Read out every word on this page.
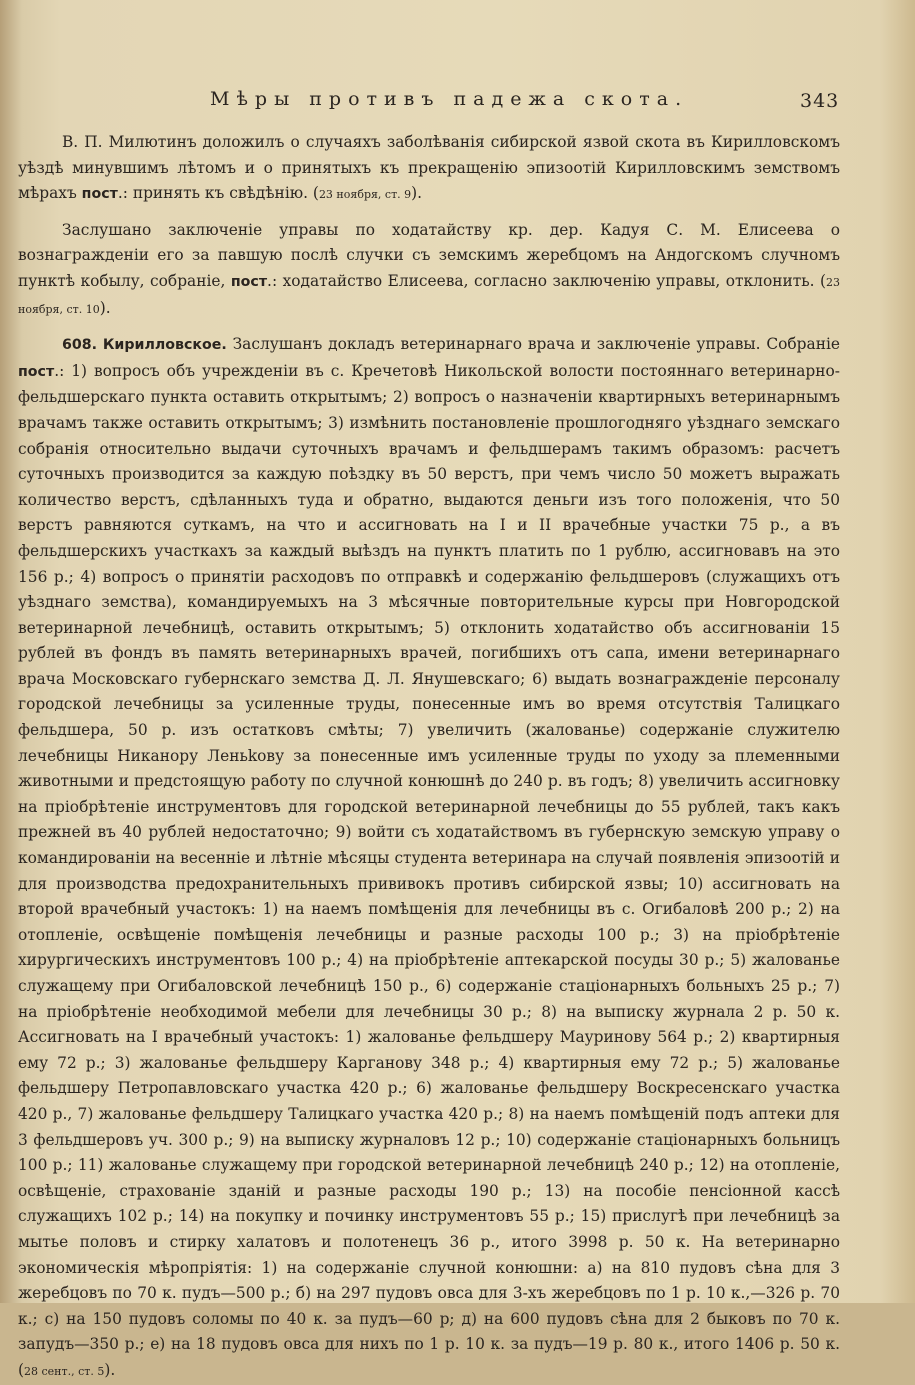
Мѣры противъ падежа скота.	343

В. П. Милютинъ доложилъ о случаяхъ заболѣванія сибирской язвой скота въ Кирилловскомъ уѣздѣ минувшимъ лѣтомъ и о принятыхъ къ прекращенію эпизоотій Кирилловскимъ земствомъ мѣрахъ пост.: принять къ свѣдѣнію. (23 ноября, ст. 9).

Заслушано заключеніе управы по ходатайству кр. дер. Кадуя С. М. Елисеева о вознагражденіи его за павшую послѣ случки съ земскимъ жеребцомъ на Андогскомъ случномъ пунктѣ кобылу, собраніе, пост.: ходатайство Елисеева, согласно заключенію управы, отклонить. (23 ноября, ст. 10).

608. Кирилловское. Заслушанъ докладъ ветеринарнаго врача и заключеніе управы. Собраніе пост.: 1) вопросъ объ учрежденіи въ с. Кречетовѣ Никольской волости постояннаго ветеринарно-фельдшерскаго пункта оставить открытымъ; 2) вопросъ о назначеніи квартирныхъ ветеринарнымъ врачамъ также оставить открытымъ; 3) измѣнить постановленіе прошлогодняго уѣзднаго земскаго собранія относительно выдачи суточныхъ врачамъ и фельдшерамъ такимъ образомъ: расчетъ суточныхъ производится за каждую поѣздку въ 50 верстъ, при чемъ число 50 можетъ выражать количество верстъ, сдѣланныхъ туда и обратно, выдаются деньги изъ того положенія, что 50 верстъ равняются суткамъ, на что и ассигновать на I и II врачебные участки 75 р., а въ фельдшерскихъ участкахъ за каждый выѣздъ на пунктъ платить по 1 рублю, ассигновавъ на это 156 р.; 4) вопросъ о принятіи расходовъ по отправкѣ и содержанію фельдшеровъ (служащихъ отъ уѣзднаго земства), командируемыхъ на 3 мѣсячные повторительные курсы при Новгородской ветеринарной лечебницѣ, оставить открытымъ; 5) отклонить ходатайство объ ассигнованіи 15 рублей въ фондъ въ память ветеринарныхъ врачей, погибшихъ отъ сапа, имени ветеринарнаго врача Московскаго губернскаго земства Д. Л. Янушевскаго; 6) выдать вознагражденіе персоналу городской лечебницы за усиленные труды, понесенные имъ во время отсутствія Талицкаго фельдшера, 50 р. изъ остатковъ смѣты; 7) увеличить (жалованье) содержаніе служителю лечебницы Никанору Леньkову за понесенные имъ усиленные труды по уходу за племенными животными и предстоящую работу по случной конюшнѣ до 240 р. въ годъ; 8) увеличить ассигновку на пріобрѣтеніе инструментовъ для городской ветеринарной лечебницы до 55 рублей, такъ какъ прежней въ 40 рублей недостаточно; 9) войти съ ходатайствомъ въ губернскую земскую управу о командированіи на весенніе и лѣтніе мѣсяцы студента ветеринара на случай появленія эпизоотій и для производства предохранительныхъ прививокъ противъ сибирской язвы; 10) ассигновать на второй врачебный участокъ: 1) на наемъ помѣщенія для лечебницы въ с. Огибаловѣ 200 р.; 2) на отопленіе, освѣщеніе помѣщенія лечебницы и разные расходы 100 р.; 3) на пріобрѣтеніе хирургическихъ инструментовъ 100 р.; 4) на пріобрѣтеніе аптекарской посуды 30 р.; 5) жалованье служащему при Огибаловской лечебницѣ 150 р., 6) содержаніе стаціонарныхъ больныхъ 25 р.; 7) на пріобрѣтеніе необходимой мебели для лечебницы 30 р.; 8) на выписку журнала 2 р. 50 к. Ассигновать на I врачебный участокъ: 1) жалованье фельдшеру Мауринову 564 р.; 2) квартирныя ему 72 р.; 3) жалованье фельдшеру Карганову 348 р.; 4) квартирныя ему 72 р.; 5) жалованье фельдшеру Петропавловскаго участка 420 р.; 6) жалованье фельдшеру Воскресенскаго участка 420 р., 7) жалованье фельдшеру Талицкаго участка 420 р.; 8) на наемъ помѣщеній подъ аптеки для 3 фельдшеровъ уч. 300 р.; 9) на выписку журналовъ 12 р.; 10) содержаніе стаціонарныхъ больницъ 100 р.; 11) жалованье служащему при городской ветеринарной лечебницѣ 240 р.; 12) на отопленіе, освѣщеніе, страхованіе зданій и разные расходы 190 р.; 13) на пособіе пенсіонной кассѣ служащихъ 102 р.; 14) на покупку и починку инструментовъ 55 р.; 15) прислугѣ при лечебницѣ за мытье половъ и стирку халатовъ и полотенецъ 36 р., итого 3998 р. 50 к. На ветеринарно экономическія мѣропріятія: 1) на содержаніе случной конюшни: а) на 810 пудовъ сѣна для 3 жеребцовъ по 70 к. пудъ—500 р.; б) на 297 пудовъ овса для 3-хъ жеребцовъ по 1 р. 10 к.,—326 р. 70 к.; с) на 150 пудовъ соломы по 40 к. за пудъ—60 р; д) на 600 пудовъ сѣна для 2 быковъ по 70 к. запудъ—350 р.; е) на 18 пудовъ овса для нихъ по 1 р. 10 к. за пудъ—19 р. 80 к., итого 1406 р. 50 к. (28 сент., ст. 5).
